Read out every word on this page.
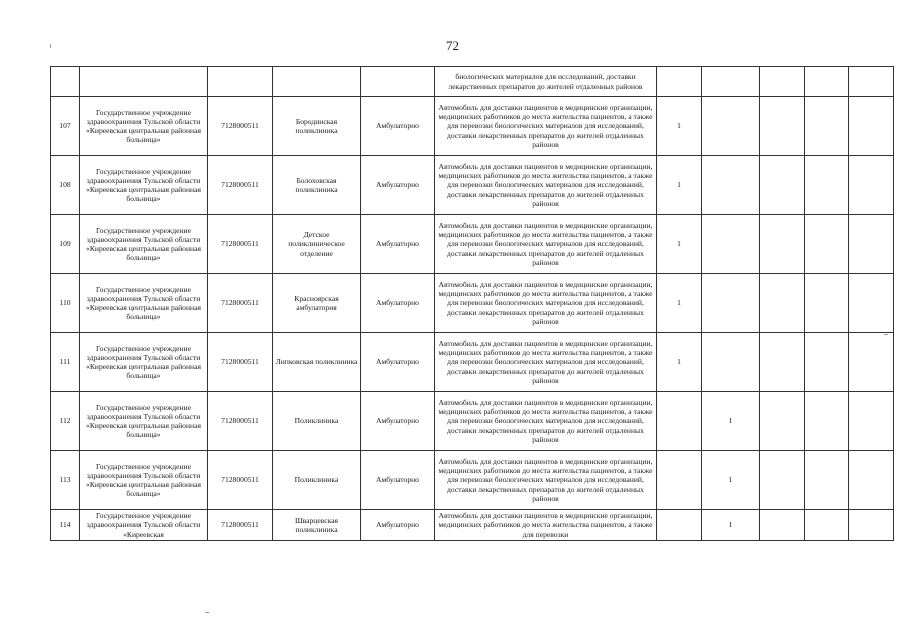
72
					биологических материалов для исследований, доставки лекарственных препаратов до жителей отдаленных районов					
107	Государственное учреждение здравоохранения Тульской области «Киреевская центральная районная больница»	7128000511	Бородинская поликлиника	Амбулаторно	Автомобиль для доставки пациентов в медицинские организации, медицинских работников до места жительства пациентов, а также для перевозки биологических материалов для исследований, доставки лекарственных препаратов до жителей отдаленных районов	1				
108	Государственное учреждение здравоохранения Тульской области «Киреевская центральная районная больница»	7128000511	Болоховская поликлиника	Амбулаторно	Автомобиль для доставки пациентов в медицинские организации, медицинских работников до места жительства пациентов, а также для перевозки биологических материалов для исследований, доставки лекарственных препаратов до жителей отдаленных районов	1				
109	Государственное учреждение здравоохранения Тульской области «Киреевская центральная районная больница»	7128000511	Детское поликлиническое отделение	Амбулаторно	Автомобиль для доставки пациентов в медицинские организации, медицинских работников до места жительства пациентов, а также для перевозки биологических материалов для исследований, доставки лекарственных препаратов до жителей отдаленных районов	1				
110	Государственное учреждение здравоохранения Тульской области «Киреевская центральная районная больница»	7128000511	Красноярская амбулатория	Амбулаторно	Автомобиль для доставки пациентов в медицинские организации, медицинских работников до места жительства пациентов, а также для перевозки биологических материалов для исследований, доставки лекарственных препаратов до жителей отдаленных районов	1				
111	Государственное учреждение здравоохранения Тульской области «Киреевская центральная районная больница»	7128000511	Липковская поликлиника	Амбулаторно	Автомобиль для доставки пациентов в медицинские организации, медицинских работников до места жительства пациентов, а также для перевозки биологических материалов для исследований, доставки лекарственных препаратов до жителей отдаленных районов	1				
112	Государственное учреждение здравоохранения Тульской области «Киреевская центральная районная больница»	7128000511	Поликлиника	Амбулаторно	Автомобиль для доставки пациентов в медицинские организации, медицинских работников до места жительства пациентов, а также для перевозки биологических материалов для исследований, доставки лекарственных препаратов до жителей отдаленных районов		1			
113	Государственное учреждение здравоохранения Тульской области «Киреевская центральная районная больница»	7128000511	Поликлиника	Амбулаторно	Автомобиль для доставки пациентов в медицинские организации, медицинских работников до места жительства пациентов, а также для перевозки биологических материалов для исследований, доставки лекарственных препаратов до жителей отдаленных районов		1			
114	Государственное учреждение здравоохранения Тульской области «Киреевская	7128000511	Шварцевская поликлиника	Амбулаторно	Автомобиль для доставки пациентов в медицинские организации, медицинских работников до места жительства пациентов, а также для перевозки		1			
